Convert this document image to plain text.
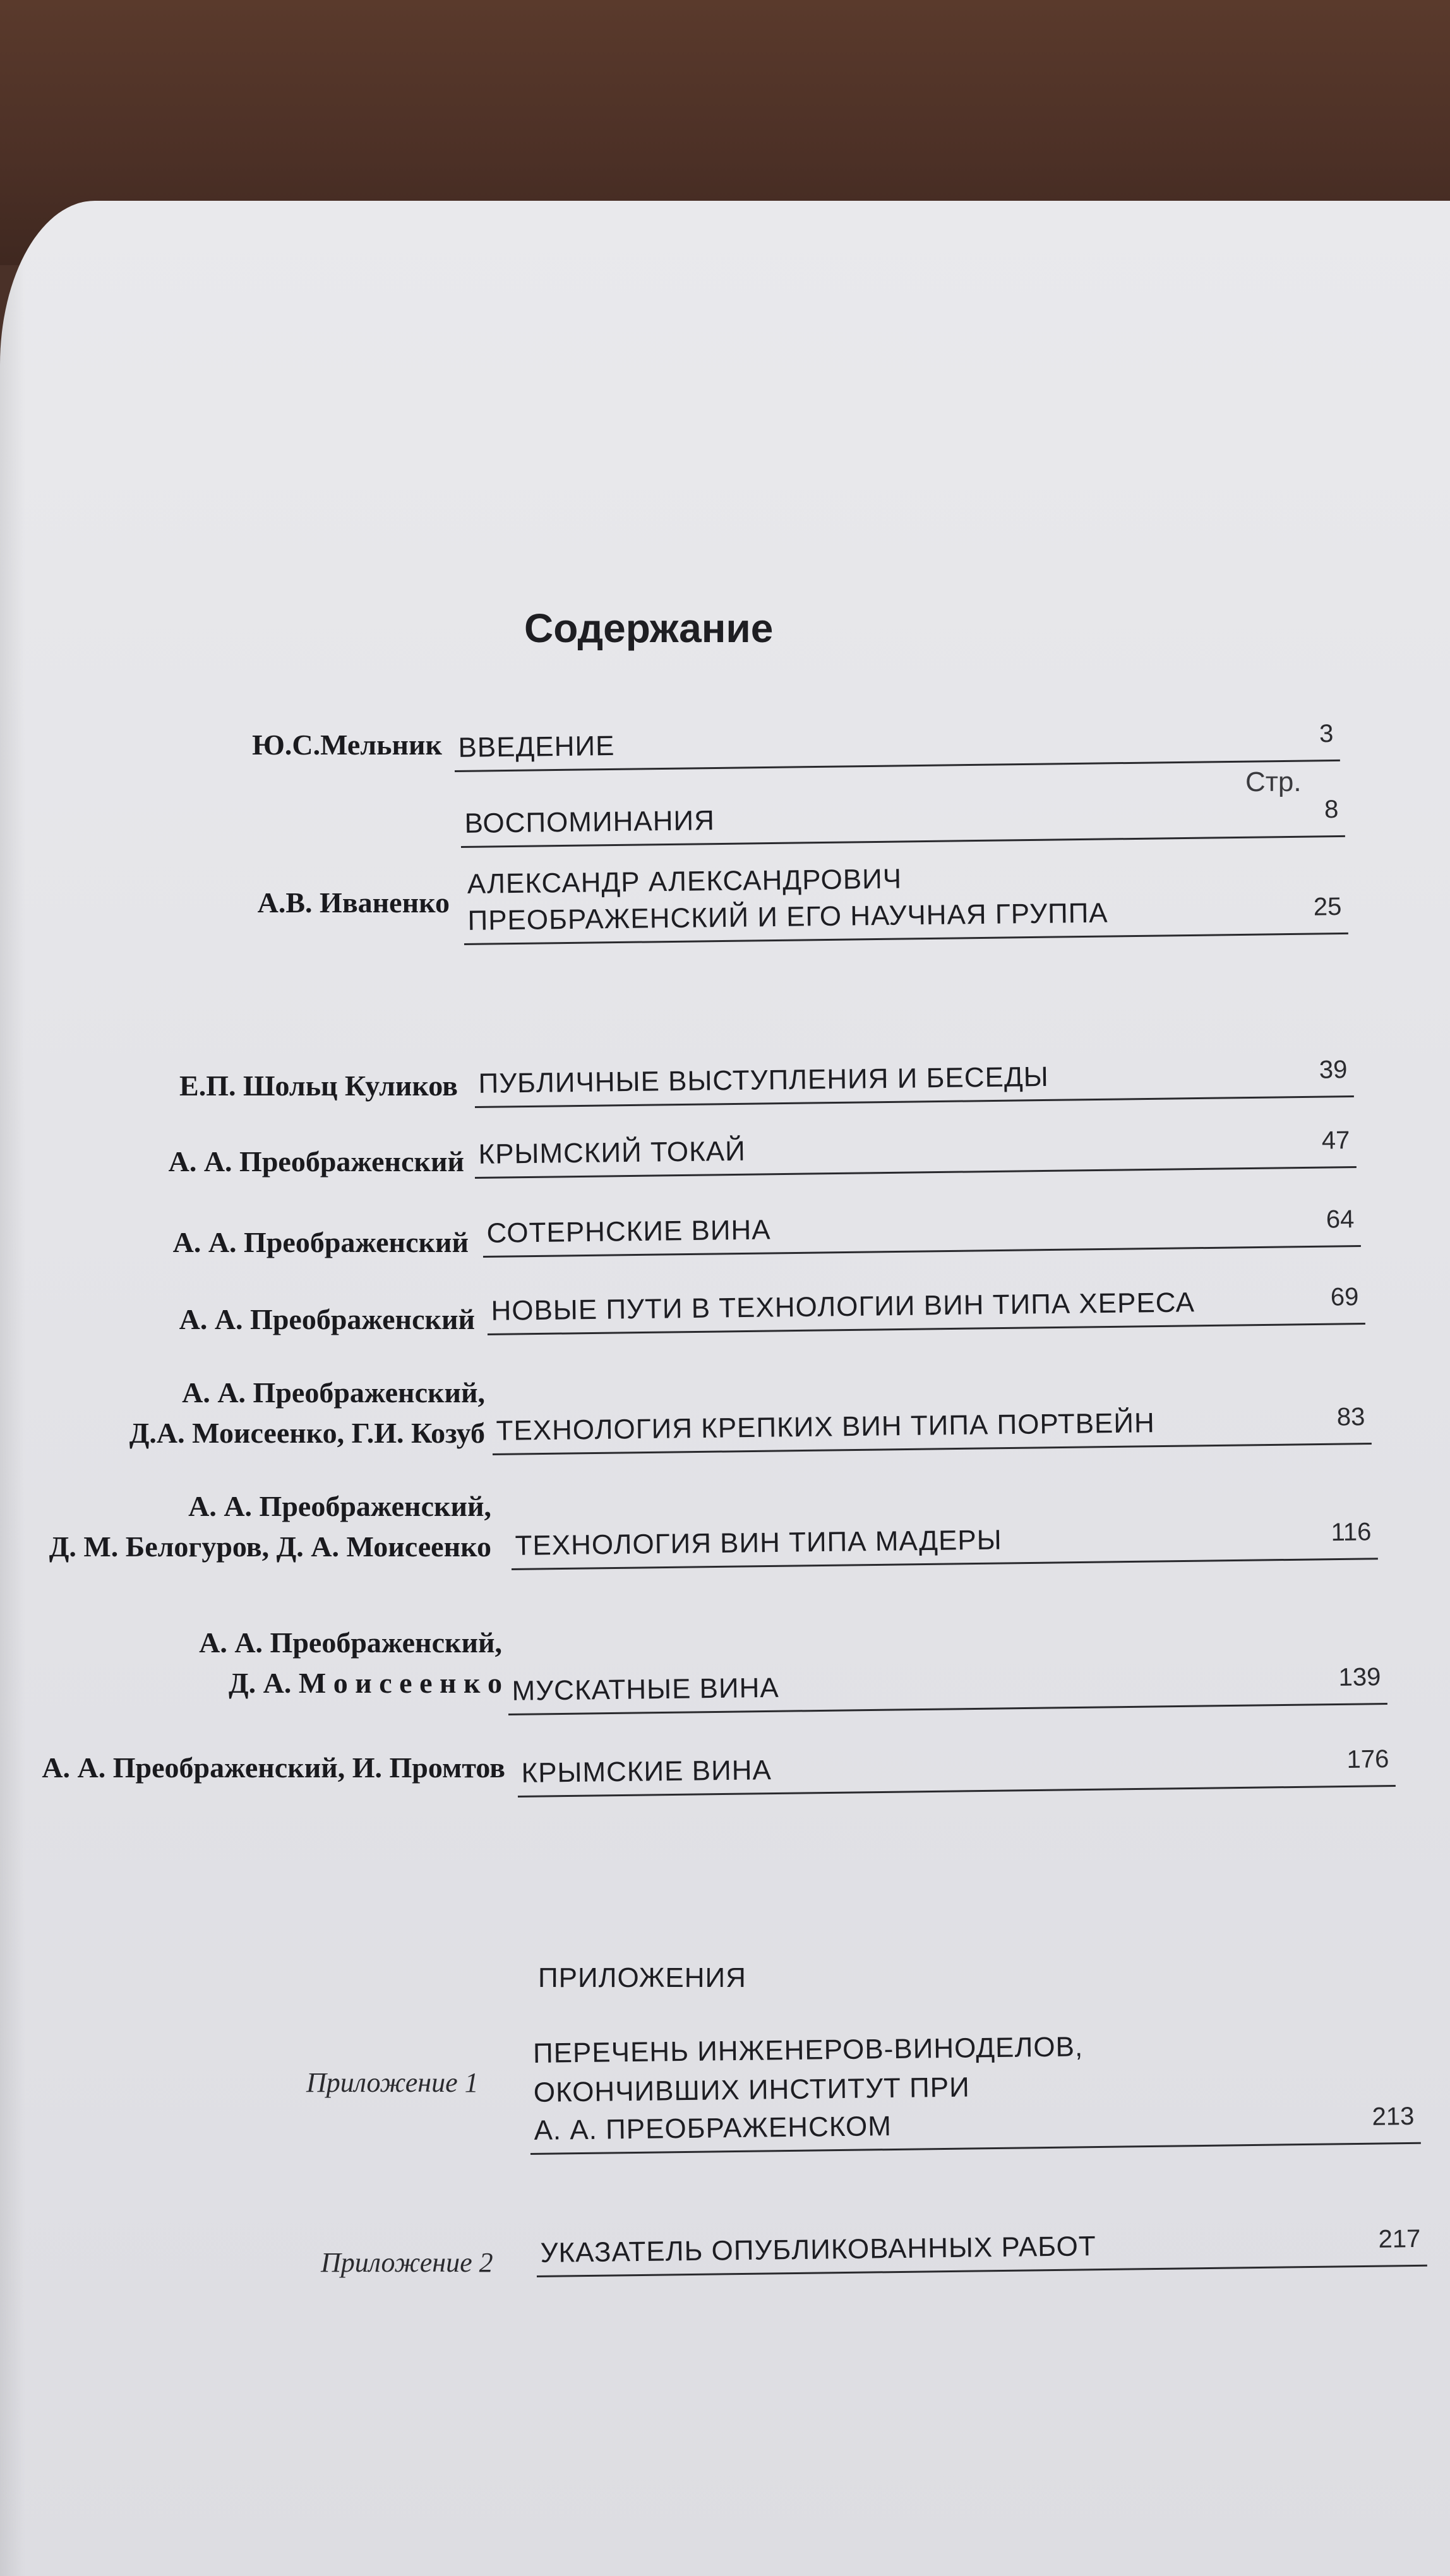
Содержание
Стр.
Ю.С.Мельник ВВЕДЕНИЕ	3
ВОСПОМИНАНИЯ	8
А.В. Иваненко
АЛЕКСАНДР АЛЕКСАНДРОВИЧ
ПРЕОБРАЖЕНСКИЙ И ЕГО НАУЧНАЯ ГРУППА	25
Е.П. Шольц Куликов ПУБЛИЧНЫЕ ВЫСТУПЛЕНИЯ И БЕСЕДЫ	39
А. А. Преображенский КРЫМСКИЙ ТОКАЙ	47
А. А. Преображенский СОТЕРНСКИЕ ВИНА	64
А. А. Преображенский НОВЫЕ ПУТИ В ТЕХНОЛОГИИ ВИН ТИПА ХЕРЕСА	69
А. А. Преображенский,
Д.А. Моисеенко, Г.И. Козуб ТЕХНОЛОГИЯ КРЕПКИХ ВИН ТИПА ПОРТВЕЙН	83
А. А. Преображенский,
Д. М. Белогуров, Д. А. Моисеенко ТЕХНОЛОГИЯ ВИН ТИПА МАДЕРЫ	116
А. А. Преображенский,
Д. А. М о и с е е н к о МУСКАТНЫЕ ВИНА	139
А. А. Преображенский, И. Промтов КРЫМСКИЕ ВИНА	176
ПРИЛОЖЕНИЯ
Приложение 1
ПЕРЕЧЕНЬ ИНЖЕНЕРОВ-ВИНОДЕЛОВ,
ОКОНЧИВШИХ ИНСТИТУТ ПРИ
А. А. ПРЕОБРАЖЕНСКОМ	213
Приложение 2 УКАЗАТЕЛЬ ОПУБЛИКОВАННЫХ РАБОТ	217
